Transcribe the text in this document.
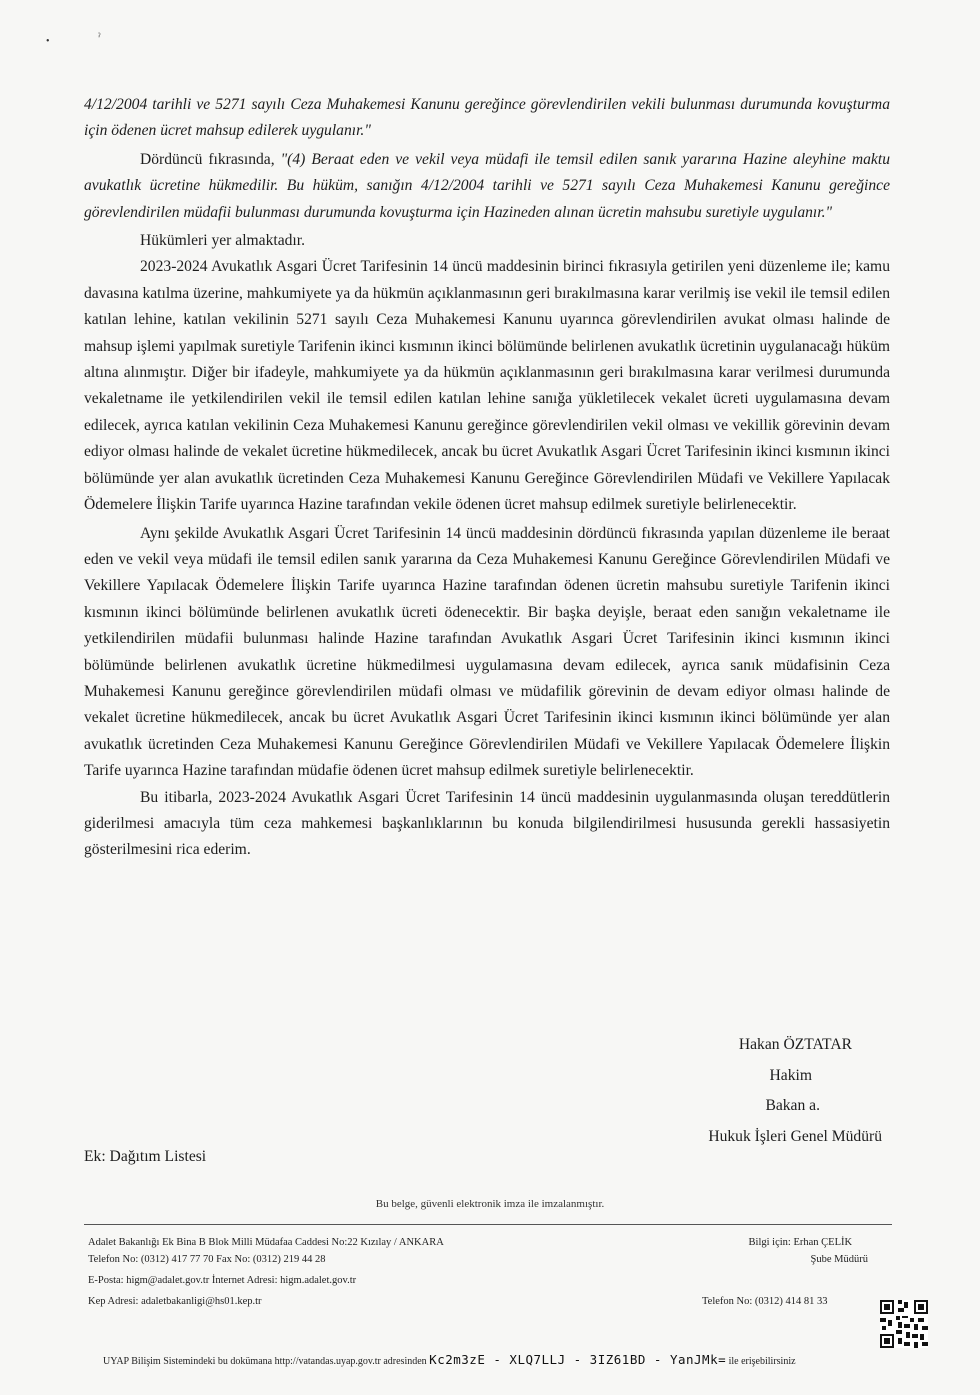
•	ˀ

4/12/2004 tarihli ve 5271 sayılı Ceza Muhakemesi Kanunu gereğince görevlendirilen vekili bulunması durumunda kovuşturma için ödenen ücret mahsup edilerek uygulanır."

Dördüncü fıkrasında, "(4) Beraat eden ve vekil veya müdafi ile temsil edilen sanık yararına Hazine aleyhine maktu avukatlık ücretine hükmedilir. Bu hüküm, sanığın 4/12/2004 tarihli ve 5271 sayılı Ceza Muhakemesi Kanunu gereğince görevlendirilen müdafii bulunması durumunda kovuşturma için Hazineden alınan ücretin mahsubu suretiyle uygulanır."

Hükümleri yer almaktadır.

2023-2024 Avukatlık Asgari Ücret Tarifesinin 14 üncü maddesinin birinci fıkrasıyla getirilen yeni düzenleme ile; kamu davasına katılma üzerine, mahkumiyete ya da hükmün açıklanmasının geri bırakılmasına karar verilmiş ise vekil ile temsil edilen katılan lehine, katılan vekilinin 5271 sayılı Ceza Muhakemesi Kanunu uyarınca görevlendirilen avukat olması halinde de mahsup işlemi yapılmak suretiyle Tarifenin ikinci kısmının ikinci bölümünde belirlenen avukatlık ücretinin uygulanacağı hüküm altına alınmıştır. Diğer bir ifadeyle, mahkumiyete ya da hükmün açıklanmasının geri bırakılmasına karar verilmesi durumunda vekaletname ile yetkilendirilen vekil ile temsil edilen katılan lehine sanığa yükletilecek vekalet ücreti uygulamasına devam edilecek, ayrıca katılan vekilinin Ceza Muhakemesi Kanunu gereğince görevlendirilen vekil olması ve vekillik görevinin devam ediyor olması halinde de vekalet ücretine hükmedilecek, ancak bu ücret Avukatlık Asgari Ücret Tarifesinin ikinci kısmının ikinci bölümünde yer alan avukatlık ücretinden Ceza Muhakemesi Kanunu Gereğince Görevlendirilen Müdafi ve Vekillere Yapılacak Ödemelere İlişkin Tarife uyarınca Hazine tarafından vekile ödenen ücret mahsup edilmek suretiyle belirlenecektir.

Aynı şekilde Avukatlık Asgari Ücret Tarifesinin 14 üncü maddesinin dördüncü fıkrasında yapılan düzenleme ile beraat eden ve vekil veya müdafi ile temsil edilen sanık yararına da Ceza Muhakemesi Kanunu Gereğince Görevlendirilen Müdafi ve Vekillere Yapılacak Ödemelere İlişkin Tarife uyarınca Hazine tarafından ödenen ücretin mahsubu suretiyle Tarifenin ikinci kısmının ikinci bölümünde belirlenen avukatlık ücreti ödenecektir. Bir başka deyişle, beraat eden sanığın vekaletname ile yetkilendirilen müdafii bulunması halinde Hazine tarafından Avukatlık Asgari Ücret Tarifesinin ikinci kısmının ikinci bölümünde belirlenen avukatlık ücretine hükmedilmesi uygulamasına devam edilecek, ayrıca sanık müdafisinin Ceza Muhakemesi Kanunu gereğince görevlendirilen müdafi olması ve müdafilik görevinin de devam ediyor olması halinde de vekalet ücretine hükmedilecek, ancak bu ücret Avukatlık Asgari Ücret Tarifesinin ikinci kısmının ikinci bölümünde yer alan avukatlık ücretinden Ceza Muhakemesi Kanunu Gereğince Görevlendirilen Müdafi ve Vekillere Yapılacak Ödemelere İlişkin Tarife uyarınca Hazine tarafından müdafie ödenen ücret mahsup edilmek suretiyle belirlenecektir.

Bu itibarla, 2023-2024 Avukatlık Asgari Ücret Tarifesinin 14 üncü maddesinin uygulanmasında oluşan tereddütlerin giderilmesi amacıyla tüm ceza mahkemesi başkanlıklarının bu konuda bilgilendirilmesi hususunda gerekli hassasiyetin gösterilmesini rica ederim.

Hakan ÖZTATAR
Hakim
Bakan a.
Hukuk İşleri Genel Müdürü
Ek: Dağıtım Listesi
Bu belge, güvenli elektronik imza ile imzalanmıştır.
Adalet Bakanlığı Ek Bina B Blok Milli Müdafaa Caddesi No:22 Kızılay / ANKARA
Telefon No: (0312) 417 77 70 Fax No: (0312) 219 44 28
E-Posta: higm@adalet.gov.tr İnternet Adresi: higm.adalet.gov.tr
Bilgi için: Erhan ÇELİK
Şube Müdürü
Kep Adresi: adaletbakanligi@hs01.kep.tr	Telefon No: (0312) 414 81 33
UYAP Bilişim Sistemindeki bu dokümana http://vatandas.uyap.gov.tr adresinden Kc2m3zE - XLQ7LLJ - 3IZ61BD - YanJMk= ile erişebilirsiniz
